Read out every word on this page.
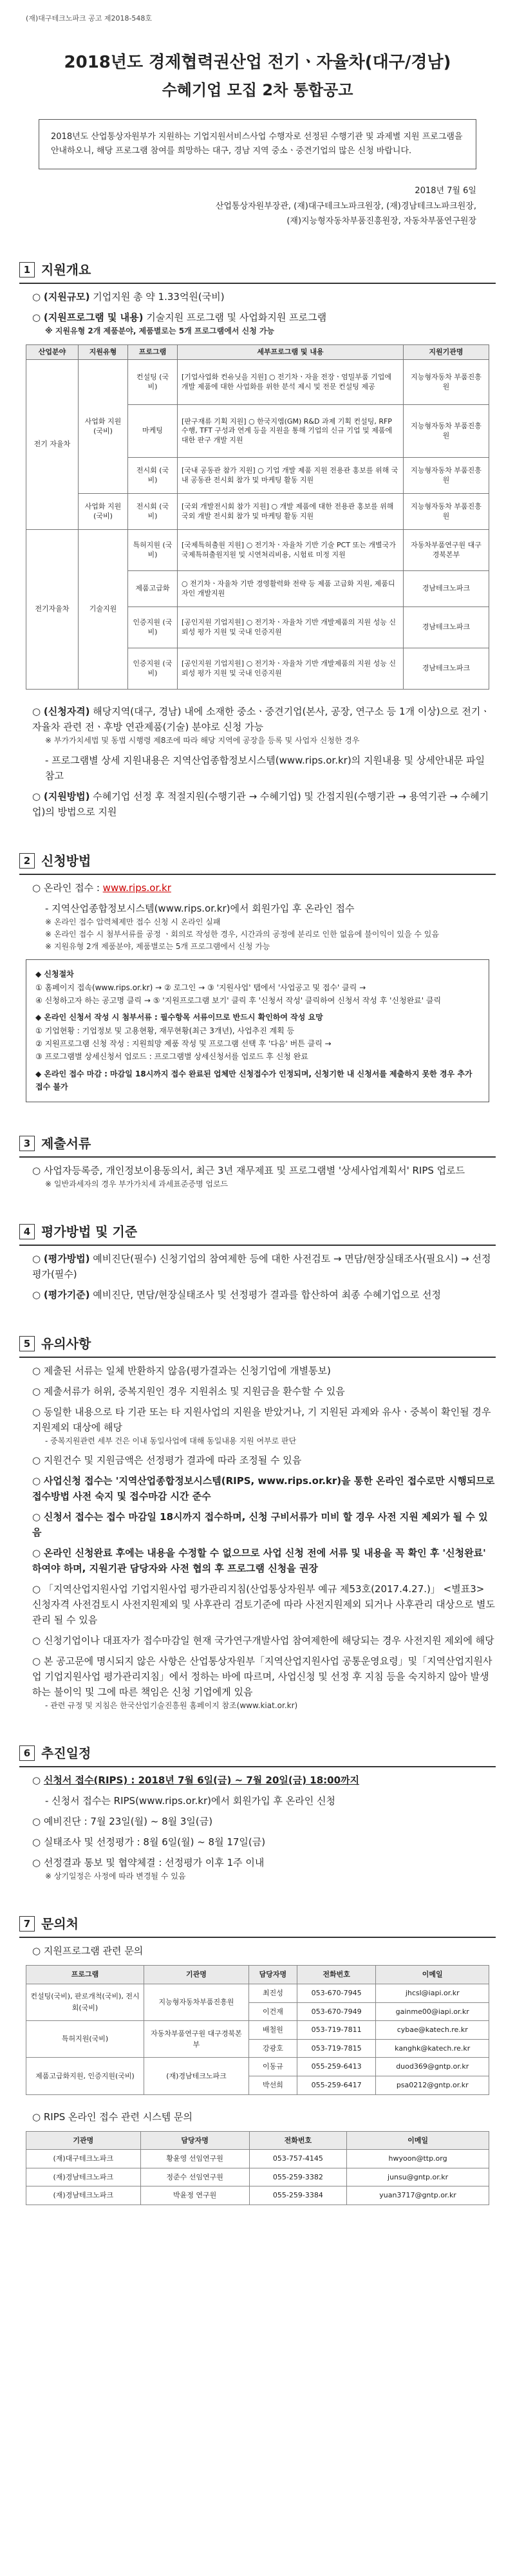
(재)대구테크노파크 공고 제2018-548호
2018년도 경제협력권산업 전기ㆍ자율차(대구/경남)
수혜기업 모집 2차 통합공고
2018년도 산업통상자원부가 지원하는 기업지원서비스사업 수행자로 선정된 수행기관 및 과제별 지원 프로그램을 안내하오니, 해당 프로그램 참여를 희망하는 대구, 경남 지역 중소ㆍ중견기업의 많은 신청 바랍니다.
2018년 7월 6일
산업통상자원부장관, (재)대구테크노파크원장, (재)경남테크노파크원장,
(재)지능형자동차부품진흥원장, 자동차부품연구원장
1 지원개요
○ (지원규모) 기업지원 총 약 1.33억원(국비)
○ (지원프로그램 및 내용) 기술지원 프로그램 및 사업화지원 프로그램
※ 지원유형 2개 제품분야, 제품별로는 5개 프로그램에서 신청 가능
산업분야	지원유형	프로그램	세부프로그램 및 내용	지원기관명
전기 자율차	사업화 지원 (국비)	컨설팅 (국비)	[기업사업화 컨유닛을 지원] ○ 전기차ㆍ자율 전장ㆍ엄밀부품 기업에 개발 제품에 대한 사업화를 위한 분석 제시 및 전문 컨설팅 제공	지능형자동차 부품진흥원
		마케팅	[판구재류 기획 지원] ○ 한국지엠(GM) R&D 과제 기획 컨설팅, RFP 수행, TFT 구성과 연계 등을 지원을 통해 기업의 신규 기업 및 제품에 대한 판구 개발 지원	지능형자동차 부품진흥원
		전시회 (국비)	[국내 공동관 참가 지원] ○ 기업 개발 제품 지원 전용관 홍보를 위해 국내 공동관 전시회 참가 및 마케팅 활동 지원	지능형자동차 부품진흥원
	사업화 지원 (국비)	전시회 (국비)	[국외 개발전시회 참가 지원] ○ 개발 제품에 대한 전용관 홍보를 위해 국외 개발 전시회 참가 및 마케팅 활동 지원	지능형자동차 부품진흥원
전기자율차	기술지원	특허지원 (국비)	[국제특허출원 지원] ○ 전기차ㆍ자율차 기반 기술 PCT 또는 개별국가 국제특허출원지원 및 시연처리비용, 시험료 미정 지원	자동차부품연구원 대구경북본부
		제품고급화	○ 전기차ㆍ자율차 기반 경영활력화 전략 등 제품 고급화 지원, 제품디자인 개발지원	경남테크노파크
		인증지원 (국비)	[공인지원 기업지원] ○ 전기차ㆍ자율차 기반 개발제품의 지원 성능 신뢰성 평가 지원 및 국내 인증지원	경남테크노파크
		인증지원 (국비)	[공인지원 기업지원] ○ 전기차ㆍ자율차 기반 개발제품의 지원 성능 신뢰성 평가 지원 및 국내 인증지원	경남테크노파크
○ (신청자격) 해당지역(대구, 경남) 내에 소재한 중소ㆍ중견기업(본사, 공장, 연구소 등 1개 이상)으로 전기ㆍ자율차 관련 전ㆍ후방 연관제품(기술) 분야로 신청 가능
※ 부가가치세법 및 동법 시행령 제8조에 따라 해당 지역에 공장을 등록 및 사업자 신청한 경우
- 프로그램별 상세 지원내용은 지역산업종합정보시스템(www.rips.or.kr)의 지원내용 및 상세안내문 파일 참고
○ (지원방법) 수혜기업 선정 후 적절지원(수행기관 → 수혜기업) 및 간접지원(수행기관 → 용역기관 → 수혜기업)의 방법으로 지원
2 신청방법
○ 온라인 접수 : www.rips.or.kr
- 지역산업종합정보시스템(www.rips.or.kr)에서 회원가입 후 온라인 접수
※ 온라인 접수 압력체제만 접수 신청 시 온라인 실패
※ 온라인 접수 시 첨부서류를 공정 ㆍ회의로 작성한 경우, 시간과의 공정에 분리로 인한 없음에 불이익이 있을 수 있음
※ 지원유형 2개 제품분야, 제품별로는 5개 프로그램에서 신청 가능
◆ 신청절차
① 홈페이지 접속(www.rips.or.kr) → ② 로그인 → ③ '지원사업' 탭에서 '사업공고 및 접수' 클릭 →
④ 신청하고자 하는 공고명 클릭 → ⑤ '지원프로그램 보기' 클릭 후 '신청서 작성' 클릭하여 신청서 작성 후 '신청완료' 클릭
◆ 온라인 신청서 작성 시 첨부서류 : 필수항목 서류이므로 반드시 확인하여 작성 요망
① 기업현황 : 기업정보 및 고용현황, 재무현황(최근 3개년), 사업추진 계획 등
② 지원프로그램 신청 작성 : 지원희망 제품 작성 및 프로그램 선택 후 '다음' 버튼 클릭 →
③ 프로그램별 상세신청서 업로드 : 프로그램별 상세신청서를 업로드 후 신청 완료
◆ 온라인 접수 마감 : 마감일 18시까지 접수 완료된 업체만 신청접수가 인정되며, 신청기한 내 신청서를 제출하지 못한 경우 추가접수 불가
3 제출서류
○ 사업자등록증, 개인정보이용동의서, 최근 3년 재무제표 및 프로그램별 '상세사업계획서' RIPS 업로드
※ 일반과세자의 경우 부가가치세 과세표준증명 업로드
4 평가방법 및 기준
○ (평가방법) 예비진단(필수) 신청기업의 참여제한 등에 대한 사전검토 → 면담/현장실태조사(필요시) → 선정평가(필수)
○ (평가기준) 예비진단, 면담/현장실태조사 및 선정평가 결과를 합산하여 최종 수혜기업으로 선정
5 유의사항
○ 제출된 서류는 일체 반환하지 않음(평가결과는 신청기업에 개별통보)
○ 제출서류가 허위, 중복지원인 경우 지원취소 및 지원금을 환수할 수 있음
○ 동일한 내용으로 타 기관 또는 타 지원사업의 지원을 받았거나, 기 지원된 과제와 유사ㆍ중복이 확인될 경우 지원제외 대상에 해당
- 중복지원관련 세부 건은 이내 동일사업에 대해 동일내용 지원 여부로 판단
○ 지원건수 및 지원금액은 선정평가 결과에 따라 조정될 수 있음
○ 사업신청 접수는 '지역산업종합정보시스템(RIPS, www.rips.or.kr)을 통한 온라인 접수로만 시행되므로 접수방법 사전 숙지 및 접수마감 시간 준수
○ 신청서 접수는 접수 마감일 18시까지 접수하며, 신청 구비서류가 미비 할 경우 사전 지원 제외가 될 수 있음
○ 온라인 신청완료 후에는 내용을 수정할 수 없으므로 사업 신청 전에 서류 및 내용을 꼭 확인 후 '신청완료' 하여야 하며, 지원기관 담당자와 사전 협의 후 프로그램 신청을 권장
○ 「지역산업지원사업 기업지원사업 평가관리지침(산업통상자원부 예규 제53호(2017.4.27.)」 <별표3> 신청자격 사전검토시 사전지원제외 및 사후관리 검토기준에 따라 사전지원제외 되거나 사후관리 대상으로 별도 관리 될 수 있음
○ 신청기업이나 대표자가 접수마감일 현재 국가연구개발사업 참여제한에 해당되는 경우 사전지원 제외에 해당
○ 본 공고문에 명시되지 않은 사항은 산업통상자원부「지역산업지원사업 공통운영요령」및「지역산업지원사업 기업지원사업 평가관리지침」에서 정하는 바에 따르며, 사업신청 및 선정 후 지침 등을 숙지하지 않아 발생하는 불이익 및 그에 따른 책임은 신청 기업에게 있음
- 관련 규정 및 지침은 한국산업기술진흥원 홈페이지 참조(www.kiat.or.kr)
6 추진일정
○ 신청서 접수(RIPS) : 2018년 7월 6일(금) ~ 7월 20일(금) 18:00까지
- 신청서 접수는 RIPS(www.rips.or.kr)에서 회원가입 후 온라인 신청
○ 예비진단 : 7월 23일(월) ~ 8월 3일(금)
○ 실태조사 및 선정평가 : 8월 6일(월) ~ 8월 17일(금)
○ 선정결과 통보 및 협약체결 : 선정평가 이후 1주 이내
※ 상기일정은 사정에 따라 변경될 수 있음
7 문의처
○ 지원프로그램 관련 문의
프로그램	기관명	담당자명	전화번호	이메일
컨설팅(국비), 판로개척(국비), 전시회(국비)	지능형자동차부품진흥원	최진성	053-670-7945	jhcsl@iapi.or.kr
		이건재	053-670-7949	gainme00@iapi.or.kr
특허지원(국비)	자동차부품연구원 대구경북본부	배철원	053-719-7811	cybae@katech.re.kr
		강광호	053-719-7815	kanghk@katech.re.kr
제품고급화지원, 인증지원(국비)	(재)경남테크노파크	이동규	055-259-6413	duod369@gntp.or.kr
		박선희	055-259-6417	psa0212@gntp.or.kr
○ RIPS 온라인 접수 관련 시스템 문의
기관명	담당자명	전화번호	이메일
(재)대구테크노파크	황윤영 선임연구원	053-757-4145	hwyoon@ttp.org
(재)경남테크노파크	정준수 선임연구원	055-259-3382	junsu@gntp.or.kr
(재)경남테크노파크	박윤정 연구원	055-259-3384	yuan3717@gntp.or.kr
